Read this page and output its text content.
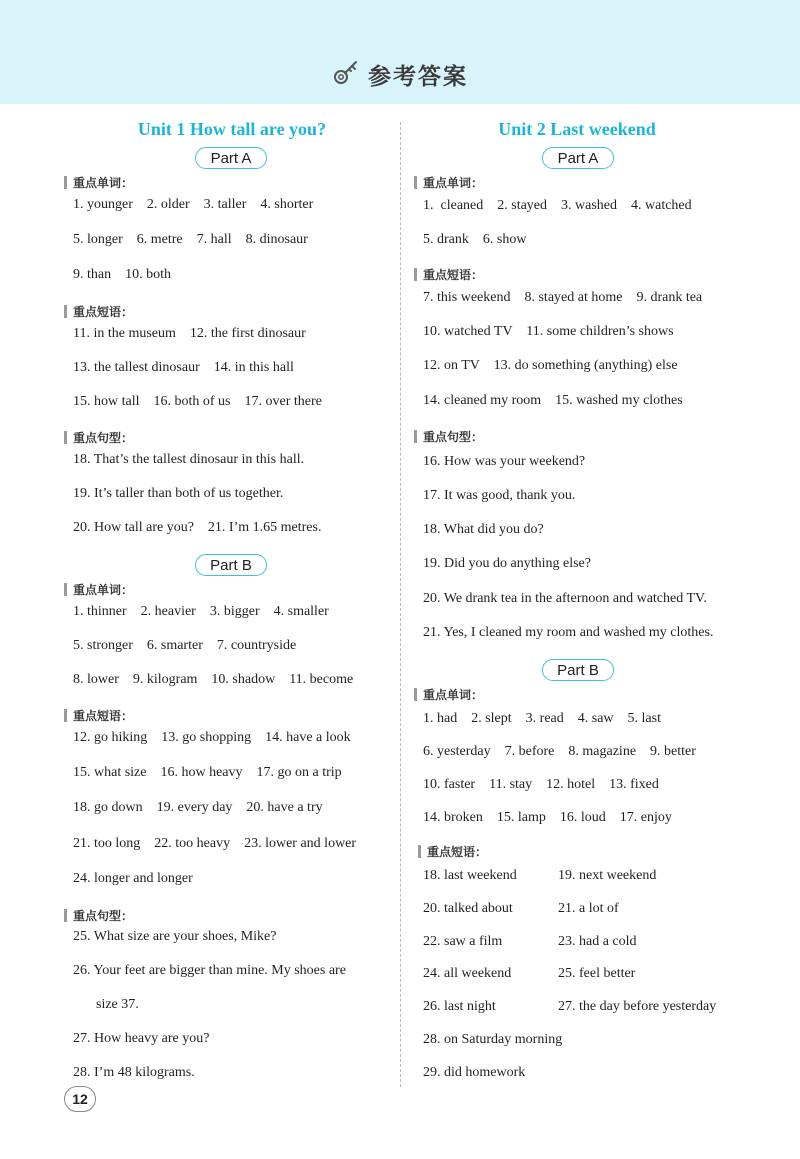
参考答案
Unit 1 How tall are you?
Part A
重点单词：
1. younger    2. older    3. taller    4. shorter
5. longer    6. metre    7. hall    8. dinosaur
9. than    10. both
重点短语：
11. in the museum    12. the first dinosaur
13. the tallest dinosaur    14. in this hall
15. how tall    16. both of us    17. over there
重点句型：
18. That’s the tallest dinosaur in this hall.
19. It’s taller than both of us together.
20. How tall are you?    21. I’m 1.65 metres.
Part B
重点单词：
1. thinner    2. heavier    3. bigger    4. smaller
5. stronger    6. smarter    7. countryside
8. lower    9. kilogram    10. shadow    11. become
重点短语：
12. go hiking    13. go shopping    14. have a look
15. what size    16. how heavy    17. go on a trip
18. go down    19. every day    20. have a try
21. too long    22. too heavy    23. lower and lower
24. longer and longer
重点句型：
25. What size are your shoes, Mike?
26. Your feet are bigger than mine. My shoes are
size 37.
27. How heavy are you?
28. I’m 48 kilograms.
Unit 2 Last weekend
Part A
重点单词：
1.  cleaned    2. stayed    3. washed    4. watched
5. drank    6. show
重点短语：
7. this weekend    8. stayed at home    9. drank tea
10. watched TV    11. some children’s shows
12. on TV    13. do something (anything) else
14. cleaned my room    15. washed my clothes
重点句型：
16. How was your weekend?
17. It was good, thank you.
18. What did you do?
19. Did you do anything else?
20. We drank tea in the afternoon and watched TV.
21. Yes, I cleaned my room and washed my clothes.
Part B
重点单词：
1. had    2. slept    3. read    4. saw    5. last
6. yesterday    7. before    8. magazine    9. better
10. faster    11. stay    12. hotel    13. fixed
14. broken    15. lamp    16. loud    17. enjoy
重点短语：
18. last weekend	19. next weekend
20. talked about	21. a lot of
22. saw a film	23. had a cold
24. all weekend	25. feel better
26. last night	27. the day before yesterday
28. on Saturday morning
29. did homework
12
